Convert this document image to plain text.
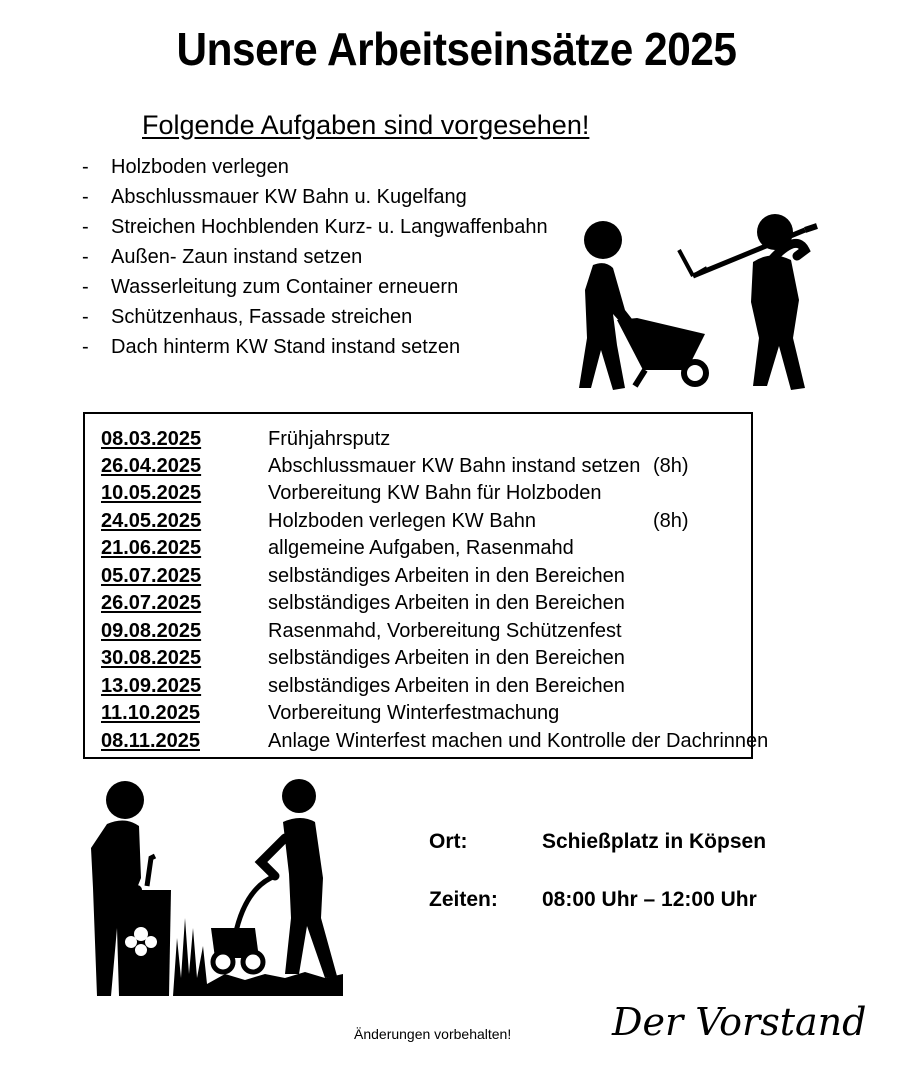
Unsere Arbeitseinsätze 2025
Folgende Aufgaben sind vorgesehen!
- Holzboden verlegen
- Abschlussmauer KW Bahn u. Kugelfang
- Streichen Hochblenden Kurz- u. Langwaffenbahn
- Außen- Zaun instand setzen
- Wasserleitung zum Container erneuern
- Schützenhaus, Fassade streichen
- Dach hinterm KW Stand instand setzen
08.03.2025	Frühjahrsputz
26.04.2025	Abschlussmauer KW Bahn instand setzen (8h)
10.05.2025	Vorbereitung KW Bahn für Holzboden
24.05.2025	Holzboden verlegen KW Bahn	(8h)
21.06.2025	allgemeine Aufgaben, Rasenmahd
05.07.2025	selbständiges Arbeiten in den Bereichen
26.07.2025	selbständiges Arbeiten in den Bereichen
09.08.2025	Rasenmahd, Vorbereitung Schützenfest
30.08.2025	selbständiges Arbeiten in den Bereichen
13.09.2025	selbständiges Arbeiten in den Bereichen
11.10.2025	Vorbereitung Winterfestmachung
08.11.2025	Anlage Winterfest machen und Kontrolle der Dachrinnen
Ort:	Schießplatz in Köpsen
Zeiten: 08:00 Uhr – 12:00 Uhr
Änderungen vorbehalten!	Der Vorstand
